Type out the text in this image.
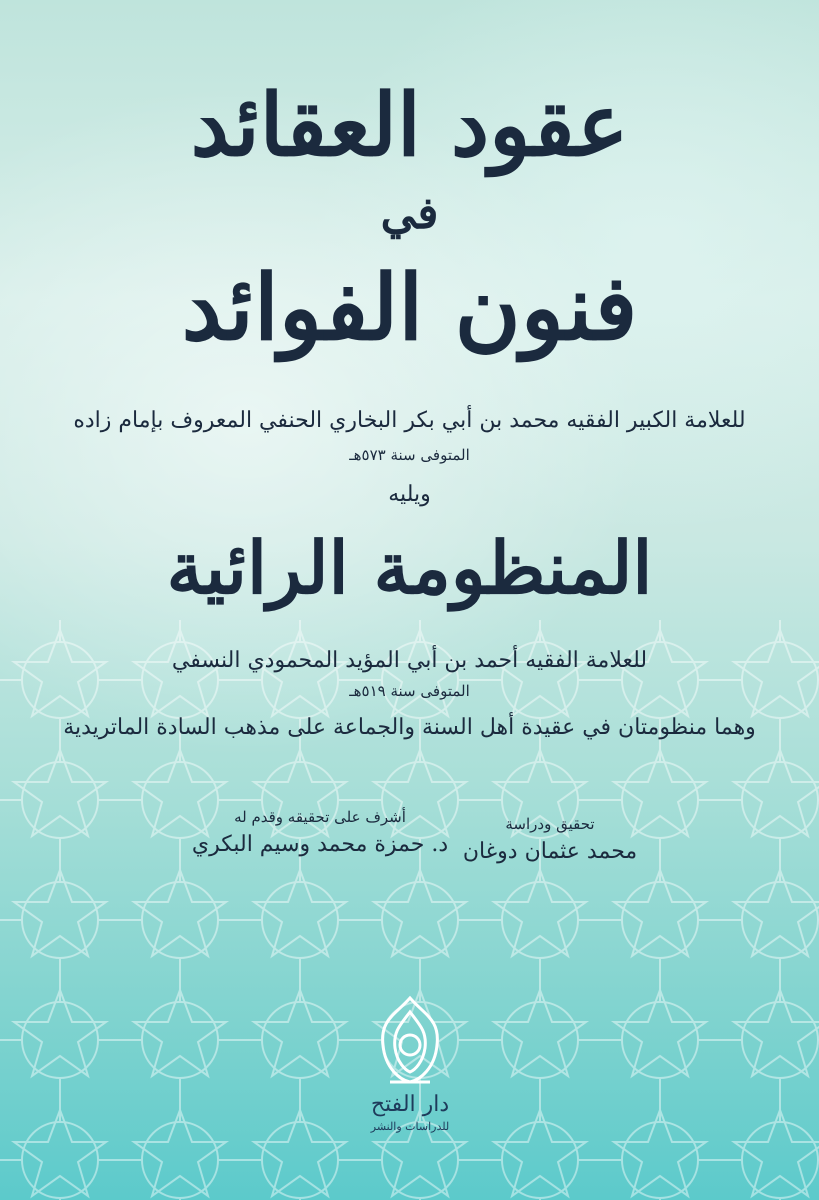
عقود العقائد
في
فنون الفوائد
للعلامة الكبير الفقيه محمد بن أبي بكر البخاري الحنفي المعروف بإمام زاده
المتوفى سنة ٥٧٣هـ
ويليه
المنظومة الرائية
للعلامة الفقيه أحمد بن أبي المؤيد المحمودي النسفي
المتوفى سنة ٥١٩هـ
وهما منظومتان في عقيدة أهل السنة والجماعة على مذهب السادة الماتريدية
تحقيق ودراسة
محمد عثمان دوغان
أشرف على تحقيقه وقدم له
د. حمزة محمد وسيم البكري
دار الفتح
للدراسات والنشر
